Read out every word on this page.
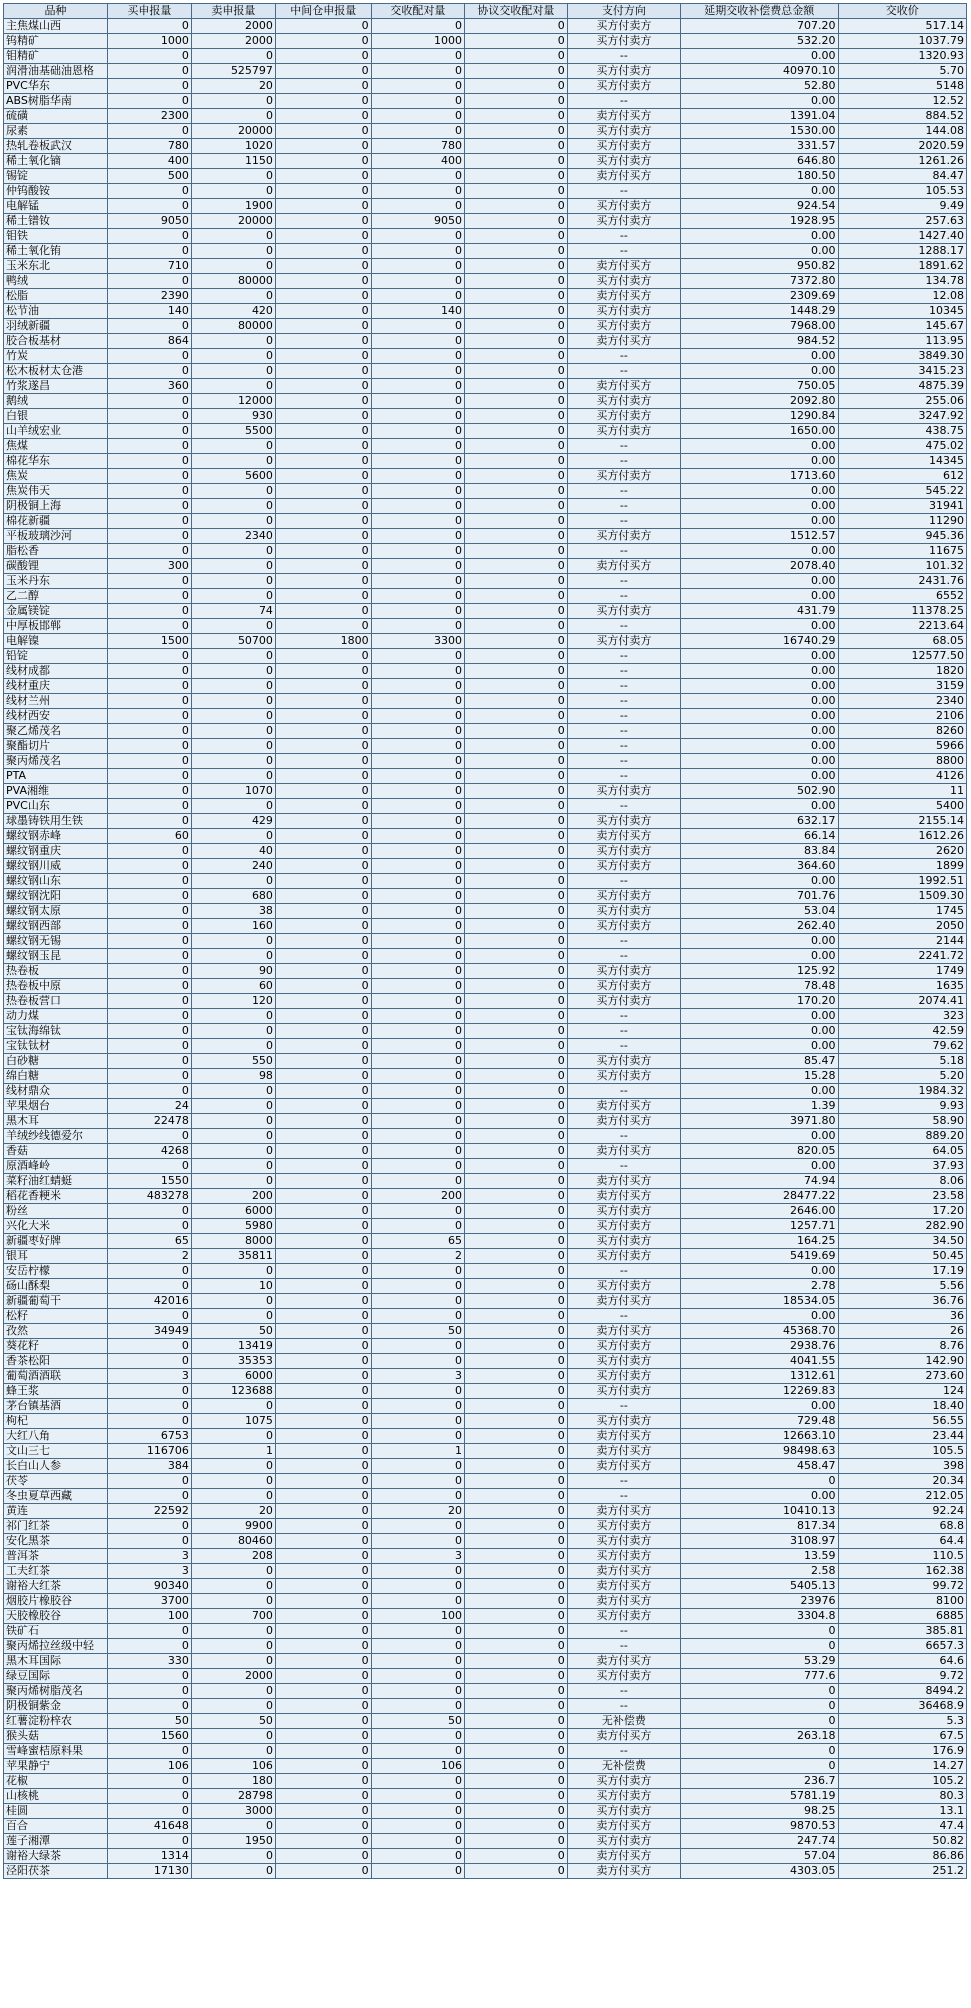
品种	买申报量	卖申报量	中间仓申报量	交收配对量	协议交收配对量	支付方向	延期交收补偿费总金额	交收价
主焦煤山西	0	2000	0	0	0	买方付卖方	707.20	517.14
钨精矿	1000	2000	0	1000	0	买方付卖方	532.20	1037.79
钼精矿	0	0	0	0	0	--	0.00	1320.93
润滑油基础油恩格	0	525797	0	0	0	买方付卖方	40970.10	5.70
PVC华东	0	20	0	0	0	买方付卖方	52.80	5148
ABS树脂华南	0	0	0	0	0	--	0.00	12.52
硫磺	2300	0	0	0	0	卖方付买方	1391.04	884.52
尿素	0	20000	0	0	0	买方付卖方	1530.00	144.08
热轧卷板武汉	780	1020	0	780	0	买方付卖方	331.57	2020.59
稀土氧化镝	400	1150	0	400	0	买方付卖方	646.80	1261.26
锡锭	500	0	0	0	0	卖方付买方	180.50	84.47
仲钨酸铵	0	0	0	0	0	--	0.00	105.53
电解锰	0	1900	0	0	0	买方付卖方	924.54	9.49
稀土镨钕	9050	20000	0	9050	0	买方付卖方	1928.95	257.63
钼铁	0	0	0	0	0	--	0.00	1427.40
稀土氧化铕	0	0	0	0	0	--	0.00	1288.17
玉米东北	710	0	0	0	0	卖方付买方	950.82	1891.62
鸭绒	0	80000	0	0	0	买方付卖方	7372.80	134.78
松脂	2390	0	0	0	0	卖方付买方	2309.69	12.08
松节油	140	420	0	140	0	买方付卖方	1448.29	10345
羽绒新疆	0	80000	0	0	0	买方付卖方	7968.00	145.67
胶合板基材	864	0	0	0	0	卖方付买方	984.52	113.95
竹炭	0	0	0	0	0	--	0.00	3849.30
松木板材太仓港	0	0	0	0	0	--	0.00	3415.23
竹浆遂昌	360	0	0	0	0	卖方付买方	750.05	4875.39
鹅绒	0	12000	0	0	0	买方付卖方	2092.80	255.06
白银	0	930	0	0	0	买方付卖方	1290.84	3247.92
山羊绒宏业	0	5500	0	0	0	买方付卖方	1650.00	438.75
焦煤	0	0	0	0	0	--	0.00	475.02
棉花华东	0	0	0	0	0	--	0.00	14345
焦炭	0	5600	0	0	0	买方付卖方	1713.60	612
焦炭伟天	0	0	0	0	0	--	0.00	545.22
阴极铜上海	0	0	0	0	0	--	0.00	31941
棉花新疆	0	0	0	0	0	--	0.00	11290
平板玻璃沙河	0	2340	0	0	0	买方付卖方	1512.57	945.36
脂松香	0	0	0	0	0	--	0.00	11675
碳酸锂	300	0	0	0	0	卖方付买方	2078.40	101.32
玉米丹东	0	0	0	0	0	--	0.00	2431.76
乙二醇	0	0	0	0	0	--	0.00	6552
金属镁锭	0	74	0	0	0	买方付卖方	431.79	11378.25
中厚板邯郸	0	0	0	0	0	--	0.00	2213.64
电解镍	1500	50700	1800	3300	0	买方付卖方	16740.29	68.05
铅锭	0	0	0	0	0	--	0.00	12577.50
线材成都	0	0	0	0	0	--	0.00	1820
线材重庆	0	0	0	0	0	--	0.00	3159
线材兰州	0	0	0	0	0	--	0.00	2340
线材西安	0	0	0	0	0	--	0.00	2106
聚乙烯茂名	0	0	0	0	0	--	0.00	8260
聚酯切片	0	0	0	0	0	--	0.00	5966
聚丙烯茂名	0	0	0	0	0	--	0.00	8800
PTA	0	0	0	0	0	--	0.00	4126
PVA湘维	0	1070	0	0	0	买方付卖方	502.90	11
PVC山东	0	0	0	0	0	--	0.00	5400
球墨铸铁用生铁	0	429	0	0	0	买方付卖方	632.17	2155.14
螺纹钢赤峰	60	0	0	0	0	卖方付买方	66.14	1612.26
螺纹钢重庆	0	40	0	0	0	买方付卖方	83.84	2620
螺纹钢川威	0	240	0	0	0	买方付卖方	364.60	1899
螺纹钢山东	0	0	0	0	0	--	0.00	1992.51
螺纹钢沈阳	0	680	0	0	0	买方付卖方	701.76	1509.30
螺纹钢太原	0	38	0	0	0	买方付卖方	53.04	1745
螺纹钢西部	0	160	0	0	0	买方付卖方	262.40	2050
螺纹钢无锡	0	0	0	0	0	--	0.00	2144
螺纹钢玉昆	0	0	0	0	0	--	0.00	2241.72
热卷板	0	90	0	0	0	买方付卖方	125.92	1749
热卷板中原	0	60	0	0	0	买方付卖方	78.48	1635
热卷板营口	0	120	0	0	0	买方付卖方	170.20	2074.41
动力煤	0	0	0	0	0	--	0.00	323
宝钛海绵钛	0	0	0	0	0	--	0.00	42.59
宝钛钛材	0	0	0	0	0	--	0.00	79.62
白砂糖	0	550	0	0	0	买方付卖方	85.47	5.18
绵白糖	0	98	0	0	0	买方付卖方	15.28	5.20
线材鼎众	0	0	0	0	0	--	0.00	1984.32
苹果烟台	24	0	0	0	0	卖方付买方	1.39	9.93
黑木耳	22478	0	0	0	0	卖方付买方	3971.80	58.90
羊绒纱线德爱尔	0	0	0	0	0	--	0.00	889.20
香菇	4268	0	0	0	0	卖方付买方	820.05	64.05
原酒峰岭	0	0	0	0	0	--	0.00	37.93
菜籽油红蜻蜓	1550	0	0	0	0	卖方付买方	74.94	8.06
稻花香粳米	483278	200	0	200	0	卖方付买方	28477.22	23.58
粉丝	0	6000	0	0	0	买方付卖方	2646.00	17.20
兴化大米	0	5980	0	0	0	买方付卖方	1257.71	282.90
新疆枣好牌	65	8000	0	65	0	买方付卖方	164.25	34.50
银耳	2	35811	0	2	0	买方付卖方	5419.69	50.45
安岳柠檬	0	0	0	0	0	--	0.00	17.19
砀山酥梨	0	10	0	0	0	买方付卖方	2.78	5.56
新疆葡萄干	42016	0	0	0	0	卖方付买方	18534.05	36.76
松籽	0	0	0	0	0	--	0.00	36
孜然	34949	50	0	50	0	卖方付买方	45368.70	26
葵花籽	0	13419	0	0	0	买方付卖方	2938.76	8.76
香茶松阳	0	35353	0	0	0	买方付卖方	4041.55	142.90
葡萄酒酒联	3	6000	0	3	0	买方付卖方	1312.61	273.60
蜂王浆	0	123688	0	0	0	买方付卖方	12269.83	124
茅台镇基酒	0	0	0	0	0	--	0.00	18.40
枸杞	0	1075	0	0	0	买方付卖方	729.48	56.55
大红八角	6753	0	0	0	0	卖方付买方	12663.10	23.44
文山三七	116706	1	0	1	0	卖方付买方	98498.63	105.5
长白山人参	384	0	0	0	0	卖方付买方	458.47	398
茯苓	0	0	0	0	0	--	0	20.34
冬虫夏草西藏	0	0	0	0	0	--	0.00	212.05
黄连	22592	20	0	20	0	卖方付买方	10410.13	92.24
祁门红茶	0	9900	0	0	0	买方付卖方	817.34	68.8
安化黑茶	0	80460	0	0	0	买方付卖方	3108.97	64.4
普洱茶	3	208	0	3	0	买方付卖方	13.59	110.5
工夫红茶	3	0	0	0	0	卖方付买方	2.58	162.38
谢裕大红茶	90340	0	0	0	0	卖方付买方	5405.13	99.72
烟胶片橡胶谷	3700	0	0	0	0	卖方付买方	23976	8100
天胶橡胶谷	100	700	0	100	0	买方付卖方	3304.8	6885
铁矿石	0	0	0	0	0	--	0	385.81
聚丙烯拉丝级中轻	0	0	0	0	0	--	0	6657.3
黑木耳国际	330	0	0	0	0	卖方付买方	53.29	64.6
绿豆国际	0	2000	0	0	0	买方付卖方	777.6	9.72
聚丙烯树脂茂名	0	0	0	0	0	--	0	8494.2
阴极铜紫金	0	0	0	0	0	--	0	36468.9
红薯淀粉梓农	50	50	0	50	0	无补偿费	0	5.3
猴头菇	1560	0	0	0	0	卖方付买方	263.18	67.5
雪峰蜜桔原料果	0	0	0	0	0	--	0	176.9
苹果静宁	106	106	0	106	0	无补偿费	0	14.27
花椒	0	180	0	0	0	买方付卖方	236.7	105.2
山核桃	0	28798	0	0	0	买方付卖方	5781.19	80.3
桂圆	0	3000	0	0	0	买方付卖方	98.25	13.1
百合	41648	0	0	0	0	卖方付买方	9870.53	47.4
莲子湘潭	0	1950	0	0	0	买方付卖方	247.74	50.82
谢裕大绿茶	1314	0	0	0	0	卖方付买方	57.04	86.86
泾阳茯茶	17130	0	0	0	0	卖方付买方	4303.05	251.2
